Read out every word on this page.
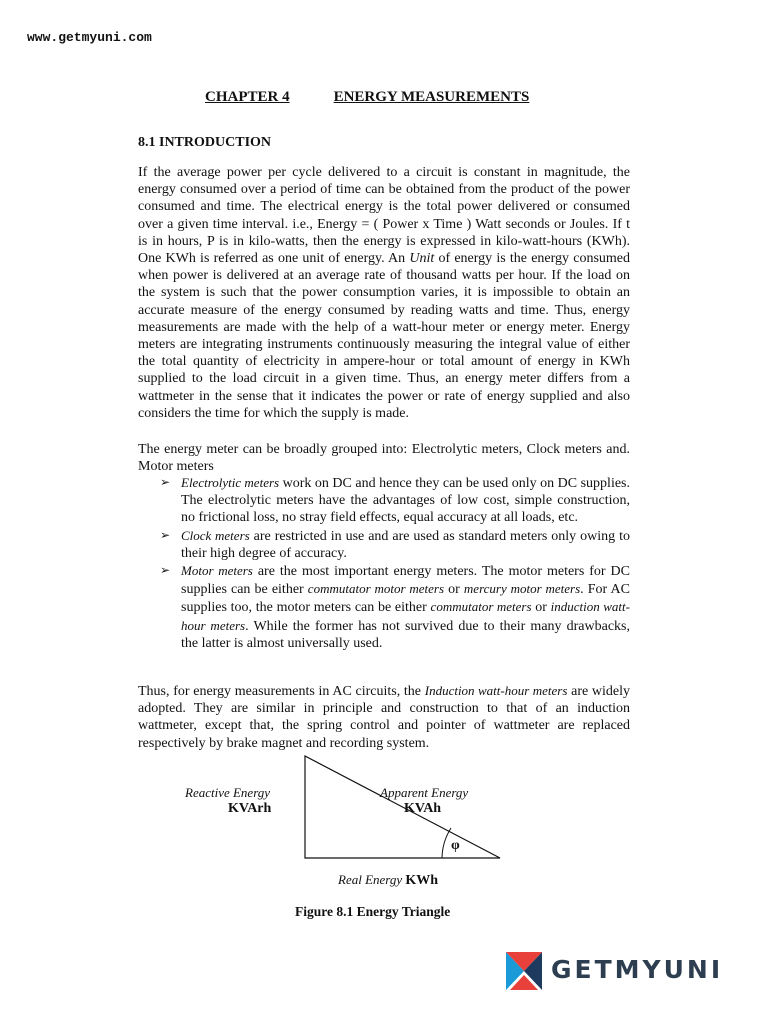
www.getmyuni.com
CHAPTER 4	ENERGY MEASUREMENTS
8.1 INTRODUCTION

If the average power per cycle delivered to a circuit is constant in magnitude, the energy consumed over a period of time can be obtained from the product of the power consumed and time. The electrical energy is the total power delivered or consumed over a given time interval. i.e., Energy = ( Power x Time ) Watt seconds or Joules. If t is in hours, P is in kilo-watts, then the energy is expressed in kilo-watt-hours (KWh). One KWh is referred as one unit of energy. An Unit of energy is the energy consumed when power is delivered at an average rate of thousand watts per hour. If the load on the system is such that the power consumption varies, it is impossible to obtain an accurate measure of the energy consumed by reading watts and time. Thus, energy measurements are made with the help of a watt-hour meter or energy meter. Energy meters are integrating instruments continuously measuring the integral value of either the total quantity of electricity in ampere-hour or total amount of energy in KWh supplied to the load circuit in a given time. Thus, an energy meter differs from a wattmeter in the sense that it indicates the power or rate of energy supplied and also considers the time for which the supply is made.

The energy meter can be broadly grouped into: Electrolytic meters, Clock meters and. Motor meters

➢ Electrolytic meters work on DC and hence they can be used only on DC supplies. The electrolytic meters have the advantages of low cost, simple construction, no frictional loss, no stray field effects, equal accuracy at all loads, etc.
➢ Clock meters are restricted in use and are used as standard meters only owing to their high degree of accuracy.
➢ Motor meters are the most important energy meters. The motor meters for DC supplies can be either commutator motor meters or mercury motor meters. For AC supplies too, the motor meters can be either commutator meters or induction watt-hour meters. While the former has not survived due to their many drawbacks, the latter is almost universally used.

Thus, for energy measurements in AC circuits, the Induction watt-hour meters are widely adopted. They are similar in principle and construction to that of an induction wattmeter, except that, the spring control and pointer of wattmeter are replaced respectively by brake magnet and recording system.

Reactive Energy
KVArh
Apparent Energy
KVAh
φ
Real Energy KWh
Figure 8.1 Energy Triangle
GETMYUNI
